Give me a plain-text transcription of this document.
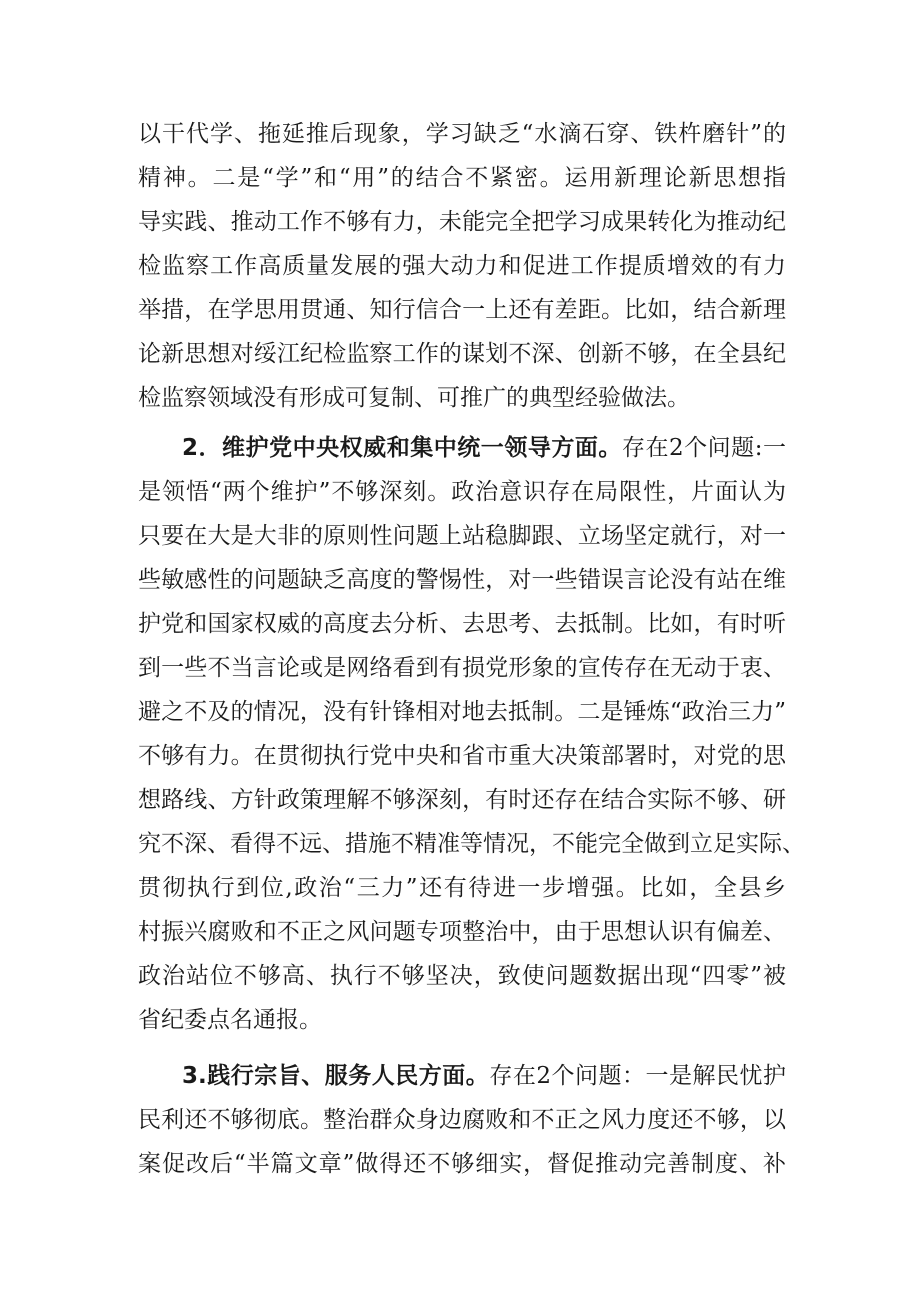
以干代学、拖延推后现象，学习缺乏“水滴石穿、铁杵磨针”的
精神。二是“学”和“用”的结合不紧密。运用新理论新思想指
导实践、推动工作不够有力，未能完全把学习成果转化为推动纪
检监察工作高质量发展的强大动力和促进工作提质增效的有力
举措，在学思用贯通、知行信合一上还有差距。比如，结合新理
论新思想对绥江纪检监察工作的谋划不深、创新不够，在全县纪
检监察领域没有形成可复制、可推广的典型经验做法。
2．维护党中央权威和集中统一领导方面。存在2个问题:一
是领悟“两个维护”不够深刻。政治意识存在局限性，片面认为
只要在大是大非的原则性问题上站稳脚跟、立场坚定就行，对一
些敏感性的问题缺乏高度的警惕性，对一些错误言论没有站在维
护党和国家权威的高度去分析、去思考、去抵制。比如，有时听
到一些不当言论或是网络看到有损党形象的宣传存在无动于衷、
避之不及的情况，没有针锋相对地去抵制。二是锤炼“政治三力”
不够有力。在贯彻执行党中央和省市重大决策部署时，对党的思
想路线、方针政策理解不够深刻，有时还存在结合实际不够、研
究不深、看得不远、措施不精准等情况，不能完全做到立足实际、
贯彻执行到位,政治“三力”还有待进一步增强。比如，全县乡
村振兴腐败和不正之风问题专项整治中，由于思想认识有偏差、
政治站位不够高、执行不够坚决，致使问题数据出现“四零”被
省纪委点名通报。
3.践行宗旨、服务人民方面。存在2个问题：一是解民忧护
民利还不够彻底。整治群众身边腐败和不正之风力度还不够，以
案促改后“半篇文章”做得还不够细实，督促推动完善制度、补
